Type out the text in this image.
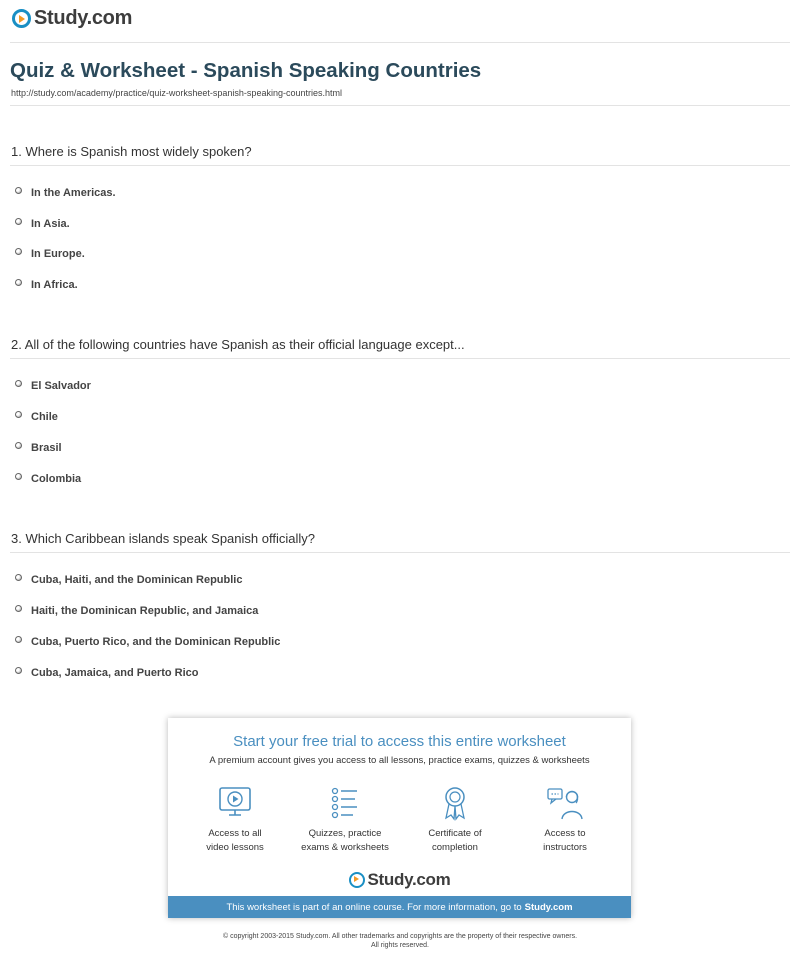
Study.com
Quiz & Worksheet - Spanish Speaking Countries
http://study.com/academy/practice/quiz-worksheet-spanish-speaking-countries.html
1. Where is Spanish most widely spoken?
In the Americas.
In Asia.
In Europe.
In Africa.
2. All of the following countries have Spanish as their official language except...
El Salvador
Chile
Brasil
Colombia
3. Which Caribbean islands speak Spanish officially?
Cuba, Haiti, and the Dominican Republic
Haiti, the Dominican Republic, and Jamaica
Cuba, Puerto Rico, and the Dominican Republic
Cuba, Jamaica, and Puerto Rico
Start your free trial to access this entire worksheet
A premium account gives you access to all lessons, practice exams, quizzes & worksheets
Access to all
video lessons
Quizzes, practice
exams & worksheets
Certificate of
completion
Access to
instructors
Study.com
This worksheet is part of an online course. For more information, go to Study.com
© copyright 2003-2015 Study.com. All other trademarks and copyrights are the property of their respective owners.
All rights reserved.
